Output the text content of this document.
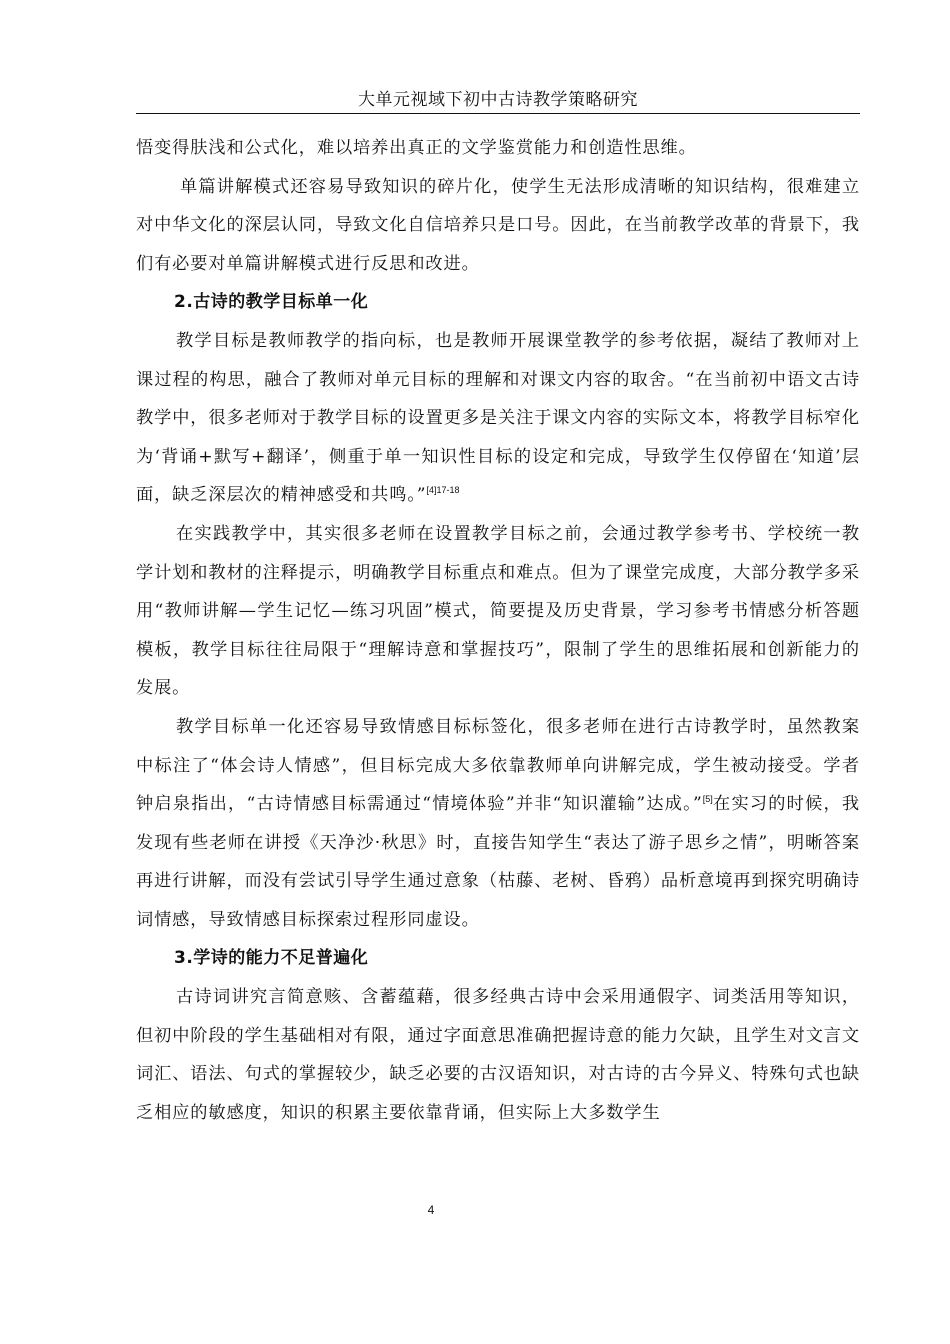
大单元视域下初中古诗教学策略研究

悟变得肤浅和公式化，难以培养出真正的文学鉴赏能力和创造性思维。

单篇讲解模式还容易导致知识的碎片化，使学生无法形成清晰的知识结构，很难建立对中华文化的深层认同，导致文化自信培养只是口号。因此，在当前教学改革的背景下，我们有必要对单篇讲解模式进行反思和改进。

2.古诗的教学目标单一化

教学目标是教师教学的指向标，也是教师开展课堂教学的参考依据，凝结了教师对上课过程的构思，融合了教师对单元目标的理解和对课文内容的取舍。“在当前初中语文古诗教学中，很多老师对于教学目标的设置更多是关注于课文内容的实际文本，将教学目标窄化为‘背诵+默写+翻译’，侧重于单一知识性目标的设定和完成，导致学生仅停留在‘知道’层面，缺乏深层次的精神感受和共鸣。”$^{[4]17-18}$

在实践教学中，其实很多老师在设置教学目标之前，会通过教学参考书、学校统一教学计划和教材的注释提示，明确教学目标重点和难点。但为了课堂完成度，大部分教学多采用“教师讲解—学生记忆—练习巩固”模式，简要提及历史背景，学习参考书情感分析答题模板，教学目标往往局限于“理解诗意和掌握技巧”，限制了学生的思维拓展和创新能力的发展。

教学目标单一化还容易导致情感目标标签化，很多老师在进行古诗教学时，虽然教案中标注了“体会诗人情感”，但目标完成大多依靠教师单向讲解完成，学生被动接受。学者钟启泉指出，“古诗情感目标需通过“情境体验”并非“知识灌输”达成。”[5]在实习的时候，我发现有些老师在讲授《天净沙·秋思》时，直接告知学生“表达了游子思乡之情”，明晰答案再进行讲解，而没有尝试引导学生通过意象（枯藤、老树、昏鸦）品析意境再到探究明确诗词情感，导致情感目标探索过程形同虚设。

3.学诗的能力不足普遍化

古诗词讲究言简意赅、含蓄蕴藉，很多经典古诗中会采用通假字、词类活用等知识，但初中阶段的学生基础相对有限，通过字面意思准确把握诗意的能力欠缺，且学生对文言文词汇、语法、句式的掌握较少，缺乏必要的古汉语知识，对古诗的古今异义、特殊句式也缺乏相应的敏感度，知识的积累主要依靠背诵，但实际上大多数学生

4
